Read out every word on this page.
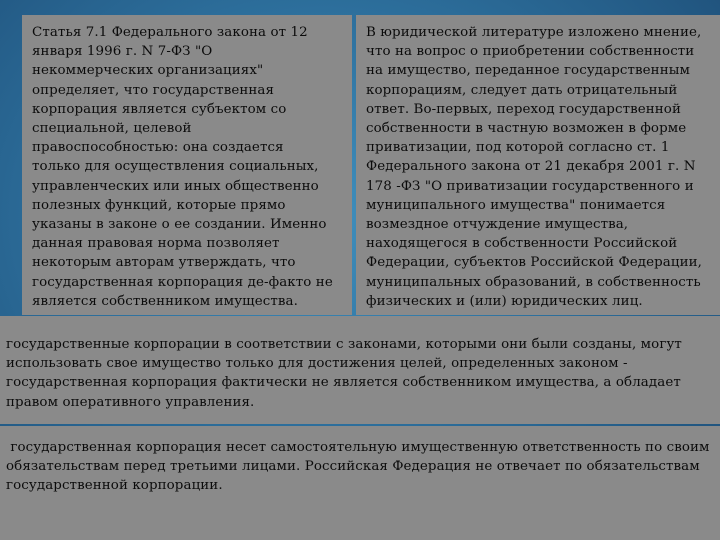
Статья 7.1 Федерального закона от 12 января 1996 г. N 7-ФЗ "О некоммерческих организациях" определяет, что государственная корпорация является субъектом со специальной, целевой правоспособностью: она создается только для осуществления социальных, управленческих или иных общественно полезных функций, которые прямо указаны в законе о ее создании. Именно данная правовая норма позволяет некоторым авторам утверждать, что государственная корпорация де-факто не является собственником имущества.

В юридической литературе изложено мнение, что на вопрос о приобретении собственности на имущество, переданное государственным корпорациям, следует дать отрицательный ответ. Во-первых, переход государственной собственности в частную возможен в форме приватизации, под которой согласно ст. 1 Федерального закона от 21 декабря 2001 г. N 178 -ФЗ "О приватизации государственного и муниципального имущества" понимается возмездное отчуждение имущества, находящегося в собственности Российской Федерации, субъектов Российской Федерации, муниципальных образований, в собственность физических и (или) юридических лиц.

государственные корпорации в соответствии с законами, которыми они были созданы, могут использовать свое имущество только для достижения целей, определенных законом - государственная корпорация фактически не является собственником имущества, а обладает правом оперативного управления.

государственная корпорация несет самостоятельную имущественную ответственность по своим обязательствам перед третьими лицами. Российская Федерация не отвечает по обязательствам государственной корпорации.
